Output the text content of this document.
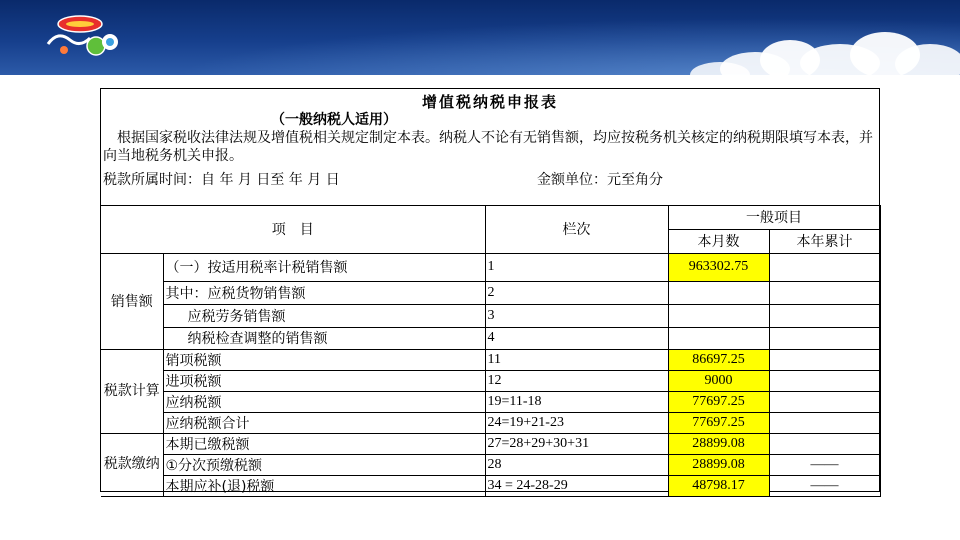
增值税纳税申报表
（一般纳税人适用）
根据国家税收法律法规及增值税相关规定制定本表。纳税人不论有无销售额，均应按税务机关核定的纳税期限填写本表，并向当地税务机关申报。
税款所属时间：自 年 月 日至 年 月 日	金额单位：元至角分
项　目		栏次	一般项目	
			本月数	本年累计
销售额	（一）按适用税率计税销售额	1	963302.75	
	其中：应税货物销售额	2		
	应税劳务销售额	3		
	纳税检查调整的销售额	4		
税款计算	销项税额	11	86697.25	
	进项税额	12	9000	
	应纳税额	19=11-18	77697.25	
	应纳税额合计	24=19+21-23	77697.25	
税款缴纳	本期已缴税额	27=28+29+30+31	28899.08	
	①分次预缴税额	28	28899.08	——
	本期应补(退)税额	34 = 24-28-29	48798.17	——
